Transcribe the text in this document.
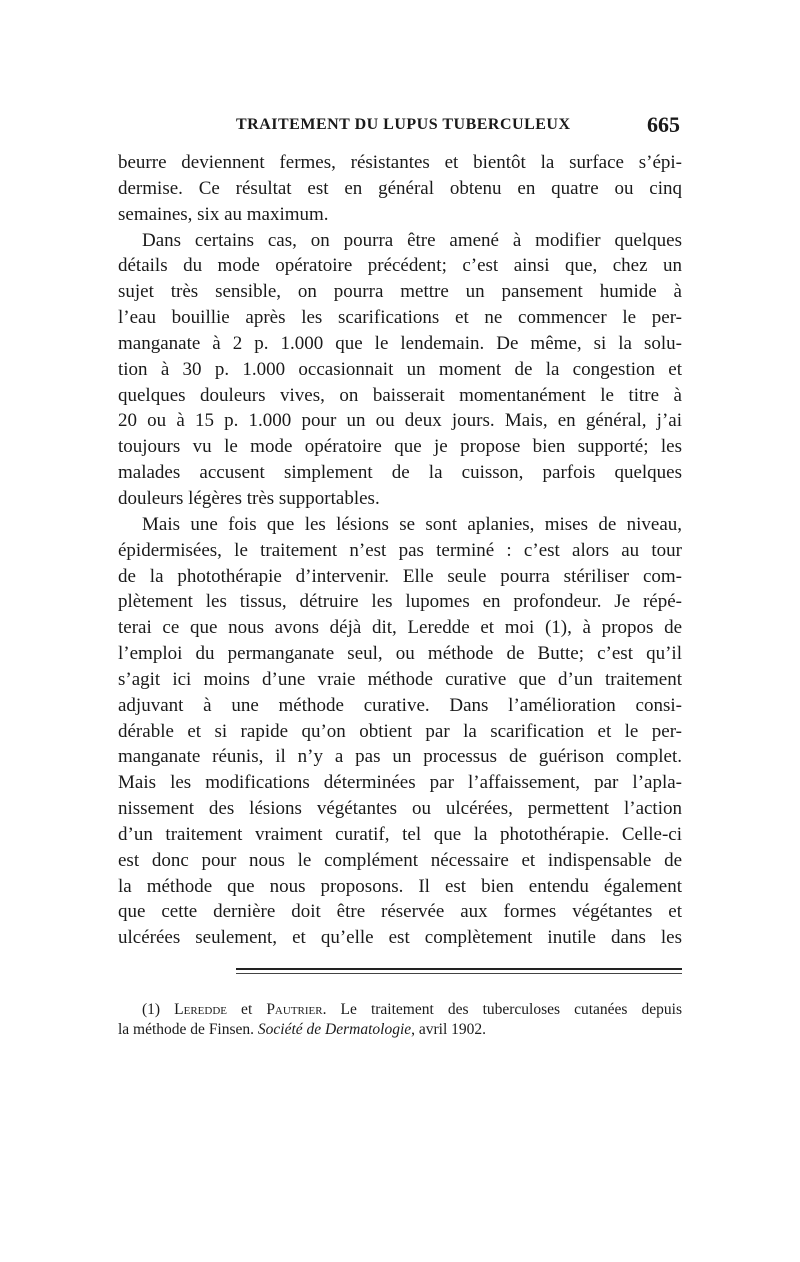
TRAITEMENT DU LUPUS TUBERCULEUX	665
beurre deviennent fermes, résistantes et bientôt la surface s’épi-
dermise. Ce résultat est en général obtenu en quatre ou cinq
semaines, six au maximum.
Dans certains cas, on pourra être amené à modifier quelques
détails du mode opératoire précédent; c’est ainsi que, chez un
sujet très sensible, on pourra mettre un pansement humide à
l’eau bouillie après les scarifications et ne commencer le per-
manganate à 2 p. 1.000 que le lendemain. De même, si la solu-
tion à 30 p. 1.000 occasionnait un moment de la congestion et
quelques douleurs vives, on baisserait momentanément le titre à
20 ou à 15 p. 1.000 pour un ou deux jours. Mais, en général, j’ai
toujours vu le mode opératoire que je propose bien supporté; les
malades accusent simplement de la cuisson, parfois quelques
douleurs légères très supportables.
Mais une fois que les lésions se sont aplanies, mises de niveau,
épidermisées, le traitement n’est pas terminé : c’est alors au tour
de la photothérapie d’intervenir. Elle seule pourra stériliser com-
plètement les tissus, détruire les lupomes en profondeur. Je répé-
terai ce que nous avons déjà dit, Leredde et moi (1), à propos de
l’emploi du permanganate seul, ou méthode de Butte; c’est qu’il
s’agit ici moins d’une vraie méthode curative que d’un traitement
adjuvant à une méthode curative. Dans l’amélioration consi-
dérable et si rapide qu’on obtient par la scarification et le per-
manganate réunis, il n’y a pas un processus de guérison complet.
Mais les modifications déterminées par l’affaissement, par l’apla-
nissement des lésions végétantes ou ulcérées, permettent l’action
d’un traitement vraiment curatif, tel que la photothérapie. Celle-ci
est donc pour nous le complément nécessaire et indispensable de
la méthode que nous proposons. Il est bien entendu également
que cette dernière doit être réservée aux formes végétantes et
ulcérées seulement, et qu’elle est complètement inutile dans les
(1) Leredde et Pautrier. Le traitement des tuberculoses cutanées depuis
la méthode de Finsen. Société de Dermatologie, avril 1902.
